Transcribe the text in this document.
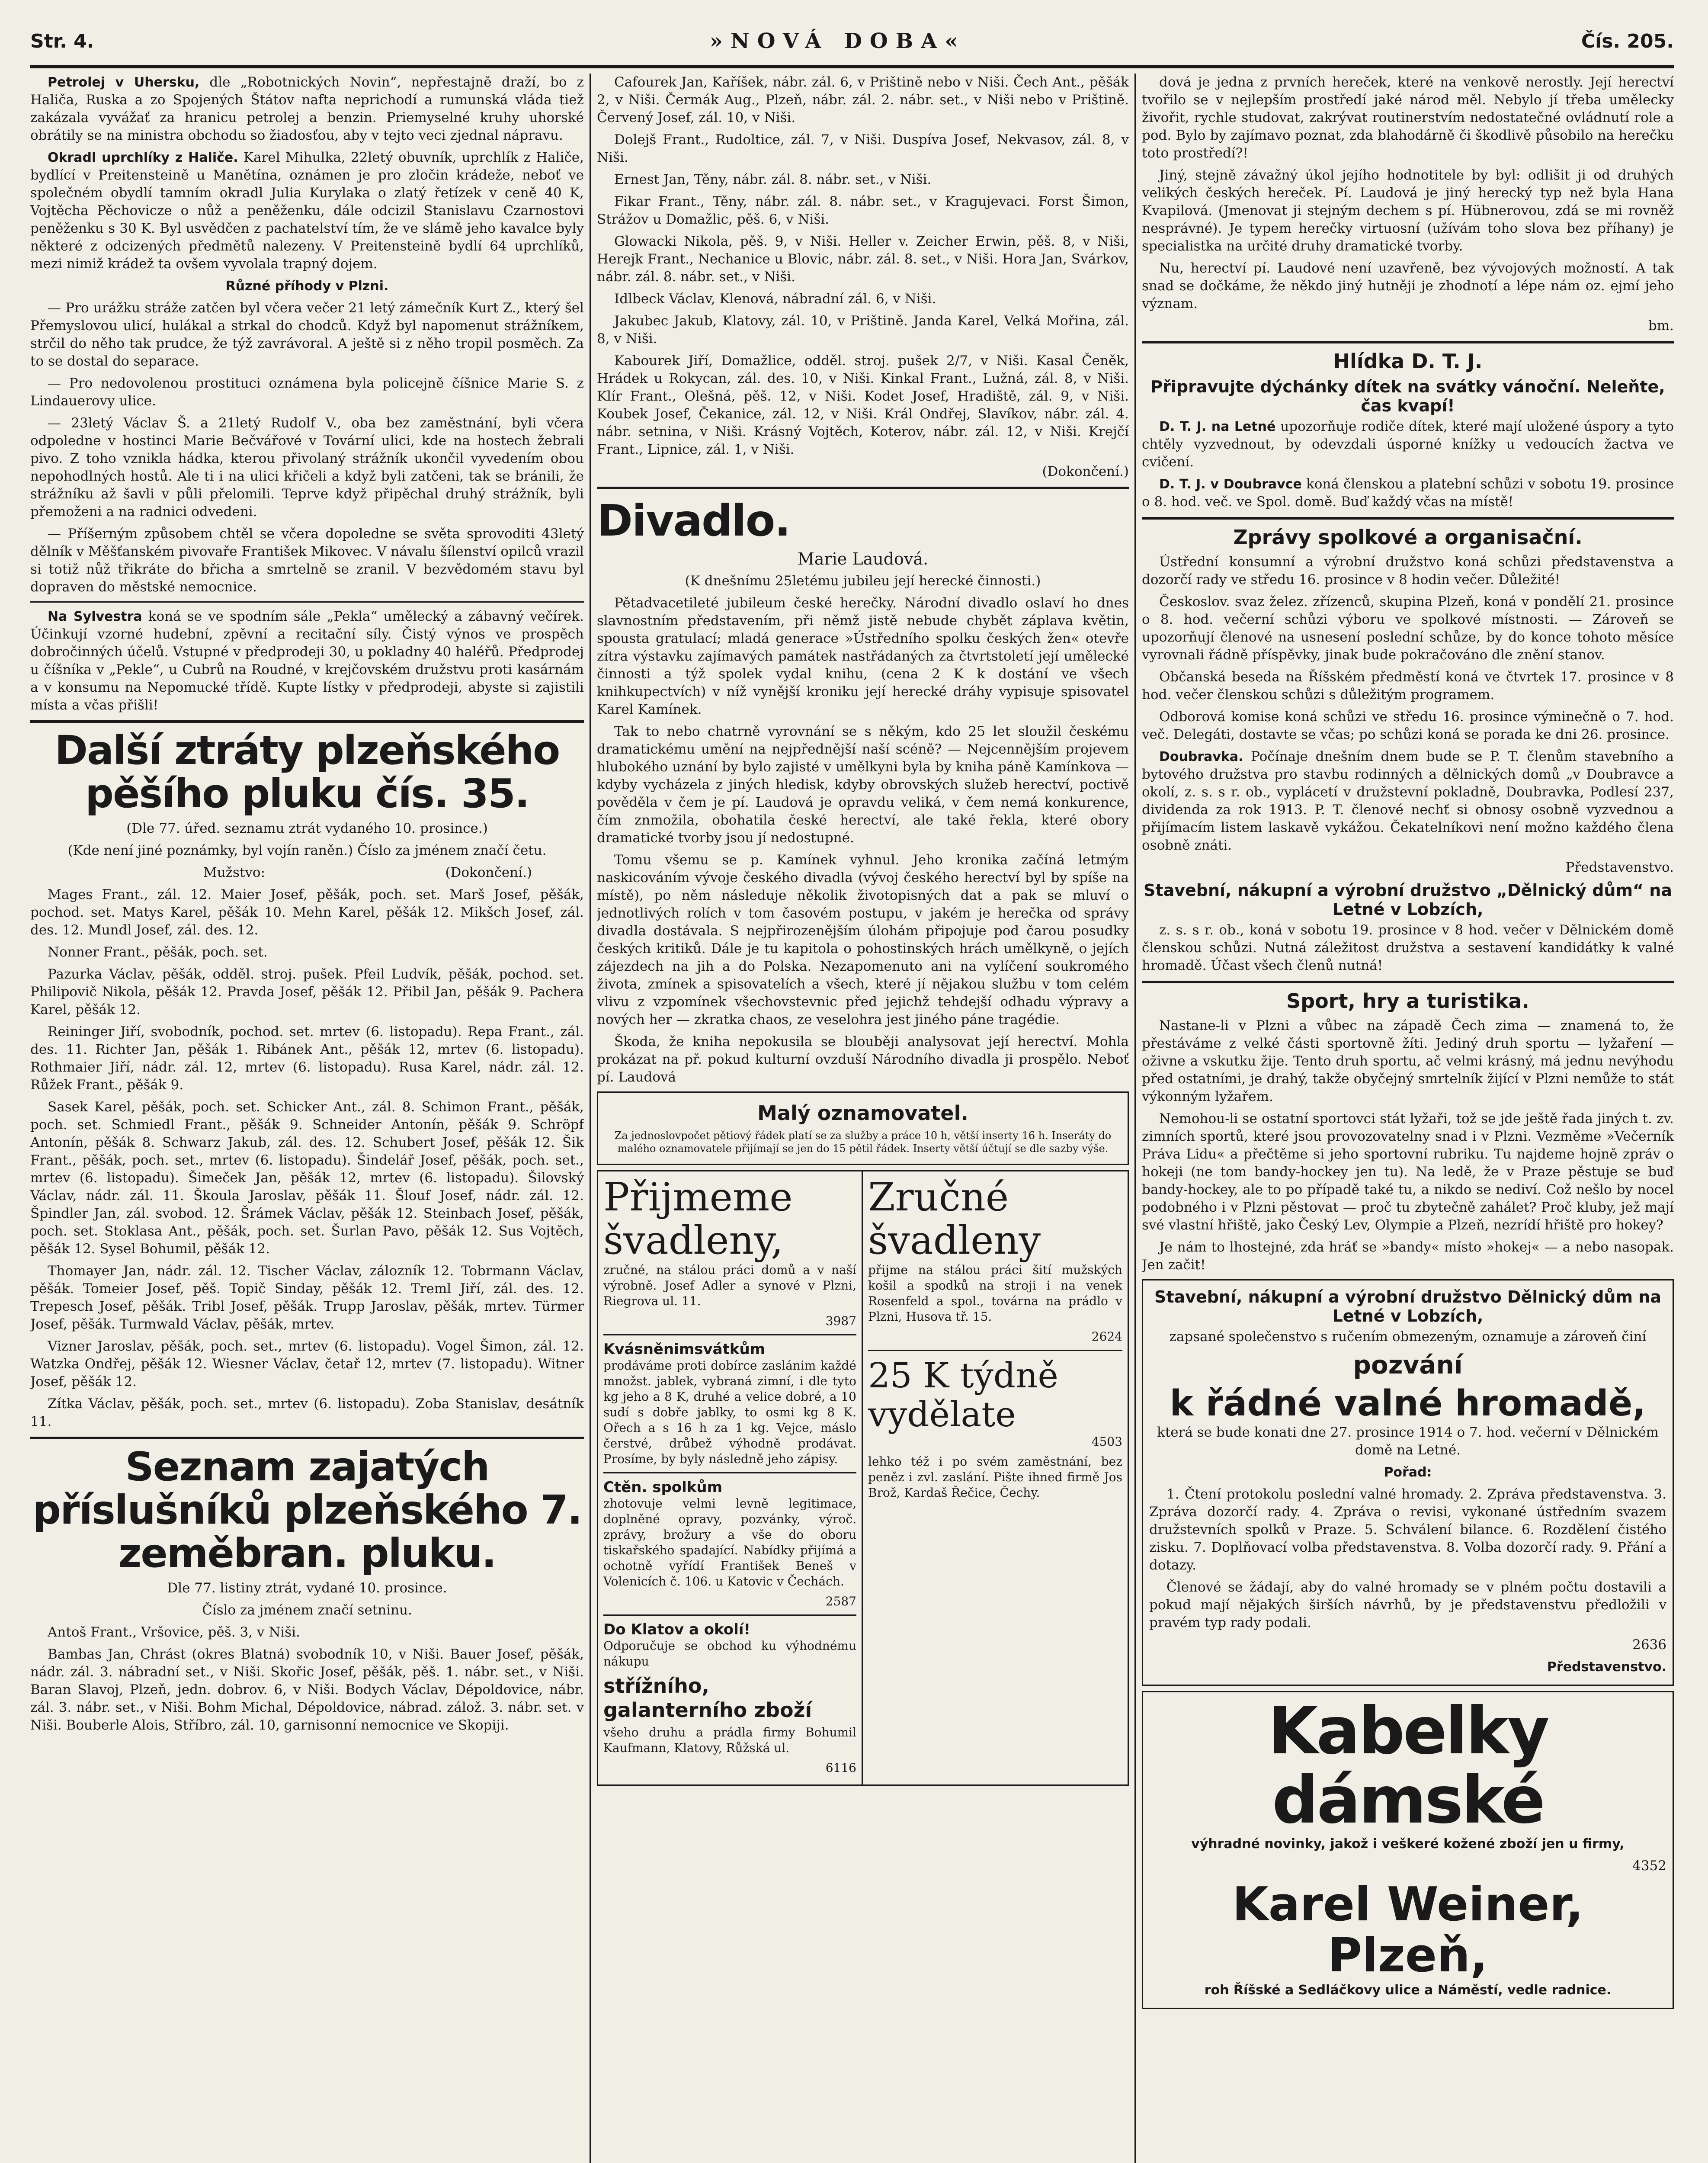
Str. 4.	»NOVÁ DOBA«	Čís. 205.

Petrolej v Uhersku, dle „Robotnických Novin“, nepřestajně draží, bo z Haliča, Ruska a zo Spojených Štátov nafta neprichodí a rumunská vláda tiež zakázala vyvážať za hranicu petrolej a benzin. Priemyselné kruhy uhorské obrátily se na ministra obchodu so žiadosťou, aby v tejto veci zjednal nápravu.

Okradl uprchlíky z Haliče. Karel Mihulka, 22letý obuvník, uprchlík z Haliče, bydlící v Preitensteině u Manětína, oznámen je pro zločin krádeže, neboť ve společném obydlí tamním okradl Julia Kurylaka o zlatý řetízek v ceně 40 K, Vojtěcha Pěchovicze o nůž a peněženku, dále odcizil Stanislavu Czarnostovi peněženku s 30 K. Byl usvědčen z pachatelství tím, že ve slámě jeho kavalce byly některé z odcizených předmětů nalezeny. V Preitensteině bydlí 64 uprchlíků, mezi nimiž krádež ta ovšem vyvolala trapný dojem.

Různé příhody v Plzni.

— Pro urážku stráže zatčen byl včera večer 21 letý zámečník Kurt Z., který šel Přemyslovou ulicí, hulákal a strkal do chodců. Když byl napomenut strážníkem, strčil do něho tak prudce, že týž zavrávoral. A ještě si z něho tropil posměch. Za to se dostal do separace.

— Pro nedovolenou prostituci oznámena byla policejně číšnice Marie S. z Lindauerovy ulice.

— 23letý Václav Š. a 21letý Rudolf V., oba bez zaměstnání, byli včera odpoledne v hostinci Marie Bečvářové v Tovární ulici, kde na hostech žebrali pivo. Z toho vznikla hádka, kterou přivolaný strážník ukončil vyvedením obou nepohodlných hostů. Ale ti i na ulici křičeli a když byli zatčeni, tak se bránili, že strážníku až šavli v půli přelomili. Teprve když připěchal druhý strážník, byli přemoženi a na radnici odvedeni.

— Příšerným způsobem chtěl se včera dopoledne se světa sprovoditi 43letý dělník v Měšťanském pivovaře František Mikovec. V návalu šílenství opilců vrazil si totiž nůž třikráte do břicha a smrtelně se zranil. V bezvědomém stavu byl dopraven do městské nemocnice.

Na Sylvestra koná se ve spodním sále „Pekla“ umělecký a zábavný večírek. Účinkují vzorné hudební, zpěvní a recitační síly. Čistý výnos ve prospěch dobročinných účelů. Vstupné v předprodeji 30, u pokladny 40 haléřů. Předprodej u číšníka v „Pekle“, u Cubrů na Roudné, v krejčovském družstvu proti kasárnám a v konsumu na Nepomucké třídě. Kupte lístky v předprodeji, abyste si zajistili místa a včas přišli!

Další ztráty plzeňského pěšího pluku čís. 35.

(Dle 77. úřed. seznamu ztrát vydaného 10. prosince.)

(Kde není jiné poznámky, byl vojín raněn.) Číslo za jménem značí četu.

Mužstvo:	(Dokončení.)

Mages Frant., zál. 12. Maier Josef, pěšák, poch. set. Marš Josef, pěšák, pochod. set. Matys Karel, pěšák 10. Mehn Karel, pěšák 12. Mikšch Josef, zál. des. 12. Mundl Josef, zál. des. 12.

Nonner Frant., pěšák, poch. set.

Pazurka Václav, pěšák, odděl. stroj. pušek. Pfeil Ludvík, pěšák, pochod. set. Philipovič Nikola, pěšák 12. Pravda Josef, pěšák 12. Přibil Jan, pěšák 9. Pachera Karel, pěšák 12.

Reininger Jiří, svobodník, pochod. set. mrtev (6. listopadu). Repa Frant., zál. des. 11. Richter Jan, pěšák 1. Ribánek Ant., pěšák 12, mrtev (6. listopadu). Rothmaier Jiří, nádr. zál. 12, mrtev (6. listopadu). Rusa Karel, nádr. zál. 12. Růžek Frant., pěšák 9.

Sasek Karel, pěšák, poch. set. Schicker Ant., zál. 8. Schimon Frant., pěšák, poch. set. Schmiedl Frant., pěšák 9. Schneider Antonín, pěšák 9. Schröpf Antonín, pěšák 8. Schwarz Jakub, zál. des. 12. Schubert Josef, pěšák 12. Šik Frant., pěšák, poch. set., mrtev (6. listopadu). Šindelář Josef, pěšák, poch. set., mrtev (6. listopadu). Šimeček Jan, pěšák 12, mrtev (6. listopadu). Šilovský Václav, nádr. zál. 11. Škoula Jaroslav, pěšák 11. Šlouf Josef, nádr. zál. 12. Špindler Jan, zál. svobod. 12. Šrámek Václav, pěšák 12. Steinbach Josef, pěšák, poch. set. Stoklasa Ant., pěšák, poch. set. Šurlan Pavo, pěšák 12. Sus Vojtěch, pěšák 12. Sysel Bohumil, pěšák 12.

Thomayer Jan, nádr. zál. 12. Tischer Václav, zálozník 12. Tobrmann Václav, pěšák. Tomeier Josef, pěš. Topič Sinday, pěšák 12. Treml Jiří, zál. des. 12. Trepesch Josef, pěšák. Tribl Josef, pěšák. Trupp Jaroslav, pěšák, mrtev. Türmer Josef, pěšák. Turmwald Václav, pěšák, mrtev.

Vizner Jaroslav, pěšák, poch. set., mrtev (6. listopadu). Vogel Šimon, zál. 12. Watzka Ondřej, pěšák 12. Wiesner Václav, četař 12, mrtev (7. listopadu). Witner Josef, pěšák 12.

Zítka Václav, pěšák, poch. set., mrtev (6. listopadu). Zoba Stanislav, desátník 11.

Seznam zajatých příslušníků plzeňského 7. zeměbran. pluku.

Dle 77. listiny ztrát, vydané 10. prosince.

Číslo za jménem značí setninu.

Antoš Frant., Vršovice, pěš. 3, v Niši.

Bambas Jan, Chrást (okres Blatná) svobodník 10, v Niši. Bauer Josef, pěšák, nádr. zál. 3. nábradní set., v Niši. Skořic Josef, pěšák, pěš. 1. nábr. set., v Niši. Baran Slavoj, Plzeň, jedn. dobrov. 6, v Niši. Bodych Václav, Dépoldovice, nábr. zál. 3. nábr. set., v Niši. Bohm Michal, Dépoldovice, nábrad. zálož. 3. nábr. set. v Niši. Bouberle Alois, Stříbro, zál. 10, garnisonní nemocnice ve Skopiji.

Cafourek Jan, Kaříšek, nábr. zál. 6, v Prištině nebo v Niši. Čech Ant., pěšák 2, v Niši. Čermák Aug., Plzeň, nábr. zál. 2. nábr. set., v Niši nebo v Prištině. Červený Josef, zál. 10, v Niši.

Dolejš Frant., Rudoltice, zál. 7, v Niši. Duspíva Josef, Nekvasov, zál. 8, v Niši.

Ernest Jan, Těny, nábr. zál. 8. nábr. set., v Niši.

Fikar Frant., Těny, nábr. zál. 8. nábr. set., v Kragujevaci. Forst Šimon, Strážov u Domažlic, pěš. 6, v Niši.

Glowacki Nikola, pěš. 9, v Niši. Heller v. Zeicher Erwin, pěš. 8, v Niši, Herejk Frant., Nechanice u Blovic, nábr. zál. 8. set., v Niši. Hora Jan, Svárkov, nábr. zál. 8. nábr. set., v Niši.

Idlbeck Václav, Klenová, nábradní zál. 6, v Niši.

Jakubec Jakub, Klatovy, zál. 10, v Prištině. Janda Karel, Velká Mořina, zál. 8, v Niši.

Kabourek Jiří, Domažlice, odděl. stroj. pušek 2/7, v Niši. Kasal Čeněk, Hrádek u Rokycan, zál. des. 10, v Niši. Kinkal Frant., Lužná, zál. 8, v Niši. Klír Frant., Olešná, pěš. 12, v Niši. Kodet Josef, Hradiště, zál. 9, v Niši. Koubek Josef, Čekanice, zál. 12, v Niši. Král Ondřej, Slavíkov, nábr. zál. 4. nábr. setnina, v Niši. Krásný Vojtěch, Koterov, nábr. zál. 12, v Niši. Krejčí Frant., Lipnice, zál. 1, v Niši.

(Dokončení.)

Divadlo.

Marie Laudová.

(K dnešnímu 25letému jubileu její herecké činnosti.)

Pětadvacetileté jubileum české herečky. Národní divadlo oslaví ho dnes slavnostním představením, při němž jistě nebude chybět záplava květin, spousta gratulací; mladá generace »Ústředního spolku českých žen« otevře zítra výstavku zajímavých památek nastřádaných za čtvrtstoletí její umělecké činnosti a týž spolek vydal knihu, (cena 2 K k dostání ve všech knihkupectvích) v níž vynější kroniku její herecké dráhy vypisuje spisovatel Karel Kamínek.

Tak to nebo chatrně vyrovnání se s někým, kdo 25 let sloužil českému dramatickému umění na nejpřednější naší scéně? — Nejcennějším projevem hlubokého uznání by bylo zajisté v umělkyni byla by kniha páně Kamínkova — kdyby vycházela z jiných hledisk, kdyby obrovských služeb herectví, poctivě pověděla v čem je pí. Laudová je opravdu veliká, v čem nemá konkurence, čím znmožila, obohatila české herectví, ale také řekla, které obory dramatické tvorby jsou jí nedostupné.

Tomu všemu se p. Kamínek vyhnul. Jeho kronika začíná letmým naskicováním vývoje českého divadla (vývoj českého herectví byl by spíše na místě), po něm následuje několik životopisných dat a pak se mluví o jednotlivých rolích v tom časovém postupu, v jakém je herečka od správy divadla dostávala. S nejpřirozenějším úlohám připojuje pod čarou posudky českých kritiků. Dále je tu kapitola o pohostinských hrách umělkyně, o jejích zájezdech na jih a do Polska. Nezapomenuto ani na vylíčení soukromého života, zmínek a spisovatelích a všech, které jí nějakou službu v tom celém vlivu z vzpomínek všechovstevnic před jejichž tehdejší odhadu výpravy a nových her — zkratka chaos, ze veselohra jest jiného páne tragédie.

Škoda, že kniha nepokusila se blouběji analysovat její herectví. Mohla prokázat na př. pokud kulturní ovzduší Národního divadla ji prospělo. Neboť pí. Laudová

Malý oznamovatel.

Za jednoslovpočet pětiový řádek platí se za služby a práce 10 h, větší inserty 16 h. Inseráty do malého oznamovatele přijímají se jen do 15 pětil řádek. Inserty větší účtují se dle sazby výše.

Přijmeme švadleny,

zručné, na stálou práci domů a v naší výrobně. Josef Adler a synové v Plzni, Riegrova ul. 11.

3987

Kvásněnimsvátkům

prodáváme proti dobírce zaslánim každé množst. jablek, vybraná zimní, i dle tyto kg jeho a 8 K, druhé a velice dobré, a 10 sudí s dobře jablky, to osmi kg 8 K. Ořech a s 16 h za 1 kg. Vejce, máslo čerstvé, drůbež výhodně prodávat. Prosíme, by byly následně jeho zápisy.

Ctěn. spolkům

zhotovuje velmi levně legitimace, doplněné opravy, pozvánky, výroč. zprávy, brožury a vše do oboru tiskařského spadající. Nabídky přijímá a ochotně vyřídí František Beneš v Volenicích č. 106. u Katovic v Čechách.

2587

Do Klatov a okolí!

Odporučuje se obchod ku výhodnému nákupu

střížního, galanterního zboží

všeho druhu a prádla firmy Bohumil Kaufmann, Klatovy, Růžská ul.

6116

Zručné švadleny

přijme na stálou práci šití mužských košil a spodků na stroji i na venek Rosenfeld a spol., továrna na prádlo v Plzni, Husova tř. 15.

2624

25 K týdně vydělate

4503

lehko též i po svém zaměstnání, bez peněz i zvl. zaslání. Pište ihned firmě Jos Brož, Kardaš Řečice, Čechy.

dová je jedna z prvních hereček, které na venkově nerostly. Její herectví tvořilo se v nejlepším prostředí jaké národ měl. Nebylo jí třeba umělecky živořit, rychle studovat, zakrývat routinerstvím nedostatečné ovládnutí role a pod. Bylo by zajímavo poznat, zda blahodárně či škodlivě působilo na herečku toto prostředí?!

Jiný, stejně závažný úkol jejího hodnotitele by byl: odlišit ji od druhých velikých českých hereček. Pí. Laudová je jiný herecký typ než byla Hana Kvapilová. (Jmenovat ji stejným dechem s pí. Hübnerovou, zdá se mi rovněž nesprávné). Je typem herečky virtuosní (užívám toho slova bez příhany) je specialistka na určité druhy dramatické tvorby.

Nu, herectví pí. Laudové není uzavřeně, bez vývojových možností. A tak snad se dočkáme, že někdo jiný hutněji je zhodnotí a lépe nám oz. ejmí jeho význam.

bm.

Hlídka D. T. J.
Připravujte dýchánky dítek na svátky vánoční. Neleňte, čas kvapí!

D. T. J. na Letné upozorňuje rodiče dítek, které mají uložené úspory a tyto chtěly vyzvednout, by odevzdali úsporné knížky u vedoucích žactva ve cvičení.

D. T. J. v Doubravce koná členskou a platební schůzi v sobotu 19. prosince o 8. hod. več. ve Spol. domě. Buď každý včas na místě!

Zprávy spolkové a organisační.

Ústřední konsumní a výrobní družstvo koná schůzi představenstva a dozorčí rady ve středu 16. prosince v 8 hodin večer. Důležité!

Českoslov. svaz želez. zřízenců, skupina Plzeň, koná v pondělí 21. prosince o 8. hod. večerní schůzi výboru ve spolkové místnosti. — Zároveň se upozorňují členové na usnesení poslední schůze, by do konce tohoto měsíce vyrovnali řádně příspěvky, jinak bude pokračováno dle znění stanov.

Občanská beseda na Říšském předměstí koná ve čtvrtek 17. prosince v 8 hod. večer členskou schůzi s důležitým programem.

Odborová komise koná schůzi ve středu 16. prosince výminečně o 7. hod. več. Delegáti, dostavte se včas; po schůzi koná se porada ke dni 26. prosince.

Doubravka. Počínaje dnešním dnem bude se P. T. členům stavebního a bytového družstva pro stavbu rodinných a dělnických domů „v Doubravce a okolí, z. s. s r. ob., vyplácetí v družstevní pokladně, Doubravka, Podlesí 237, dividenda za rok 1913. P. T. členové nechť si obnosy osobně vyzvednou a přijímacím listem laskavě vykážou. Čekatelníkovi není možno každého člena osobně znáti.

Představenstvo.

Stavební, nákupní a výrobní družstvo „Dělnický dům“ na Letné v Lobzích,

z. s. s r. ob., koná v sobotu 19. prosince v 8 hod. večer v Dělnickém domě členskou schůzi. Nutná záležitost družstva a sestavení kandidátky k valné hromadě. Účast všech členů nutná!

Sport, hry a turistika.

Nastane-li v Plzni a vůbec na západě Čech zima — znamená to, že přestáváme z velké části sportovně žíti. Jediný druh sportu — lyžaření — oživne a vskutku žije. Tento druh sportu, ač velmi krásný, má jednu nevýhodu před ostatními, je drahý, takže obyčejný smrtelník žijící v Plzni nemůže to stát výkonným lyžařem.

Nemohou-li se ostatní sportovci stát lyžaři, tož se jde ještě řada jiných t. zv. zimních sportů, které jsou provozovatelny snad i v Plzni. Vezměme »Večerník Práva Lidu« a přečtěme si jeho sportovní rubriku. Tu najdeme hojně zpráv o hokeji (ne tom bandy-hockey jen tu). Na ledě, že v Praze pěstuje se buď bandy-hockey, ale to po případě také tu, a nikdo se nediví. Což nešlo by nocel podobného i v Plzni pěstovat — proč tu zbytečně zahálet? Proč kluby, jež mají své vlastní hřiště, jako Český Lev, Olympie a Plzeň, nezrídí hřiště pro hokey?

Je nám to lhostejné, zda hráť se »bandy« místo »hokej« — a nebo nasopak. Jen začit!

Stavební, nákupní a výrobní družstvo Dělnický dům na Letné v Lobzích,

zapsané společenstvo s ručením obmezeným, oznamuje a zároveň činí

pozvání
k řádné valné hromadě,

která se bude konati dne 27. prosince 1914 o 7. hod. večerní v Dělnickém domě na Letné.

Pořad:

1. Čtení protokolu poslední valné hromady. 2. Zpráva představenstva. 3. Zpráva dozorčí rady. 4. Zpráva o revisi, vykonané ústředním svazem družstevních spolků v Praze. 5. Schválení bilance. 6. Rozdělení čistého zisku. 7. Doplňovací volba představenstva. 8. Volba dozorčí rady. 9. Přání a dotazy.

Členové se žádají, aby do valné hromady se v plném počtu dostavili a pokud mají nějakých širších návrhů, by je představenstvu předložili v pravém typ rady podali.

2636

Představenstvo.

Kabelky dámské

výhradné novinky, jakož i veškeré kožené zboží jen u firmy,

4352

Karel Weiner, Plzeň,

roh Říšské a Sedláčkovy ulice a Náměstí, vedle radnice.
